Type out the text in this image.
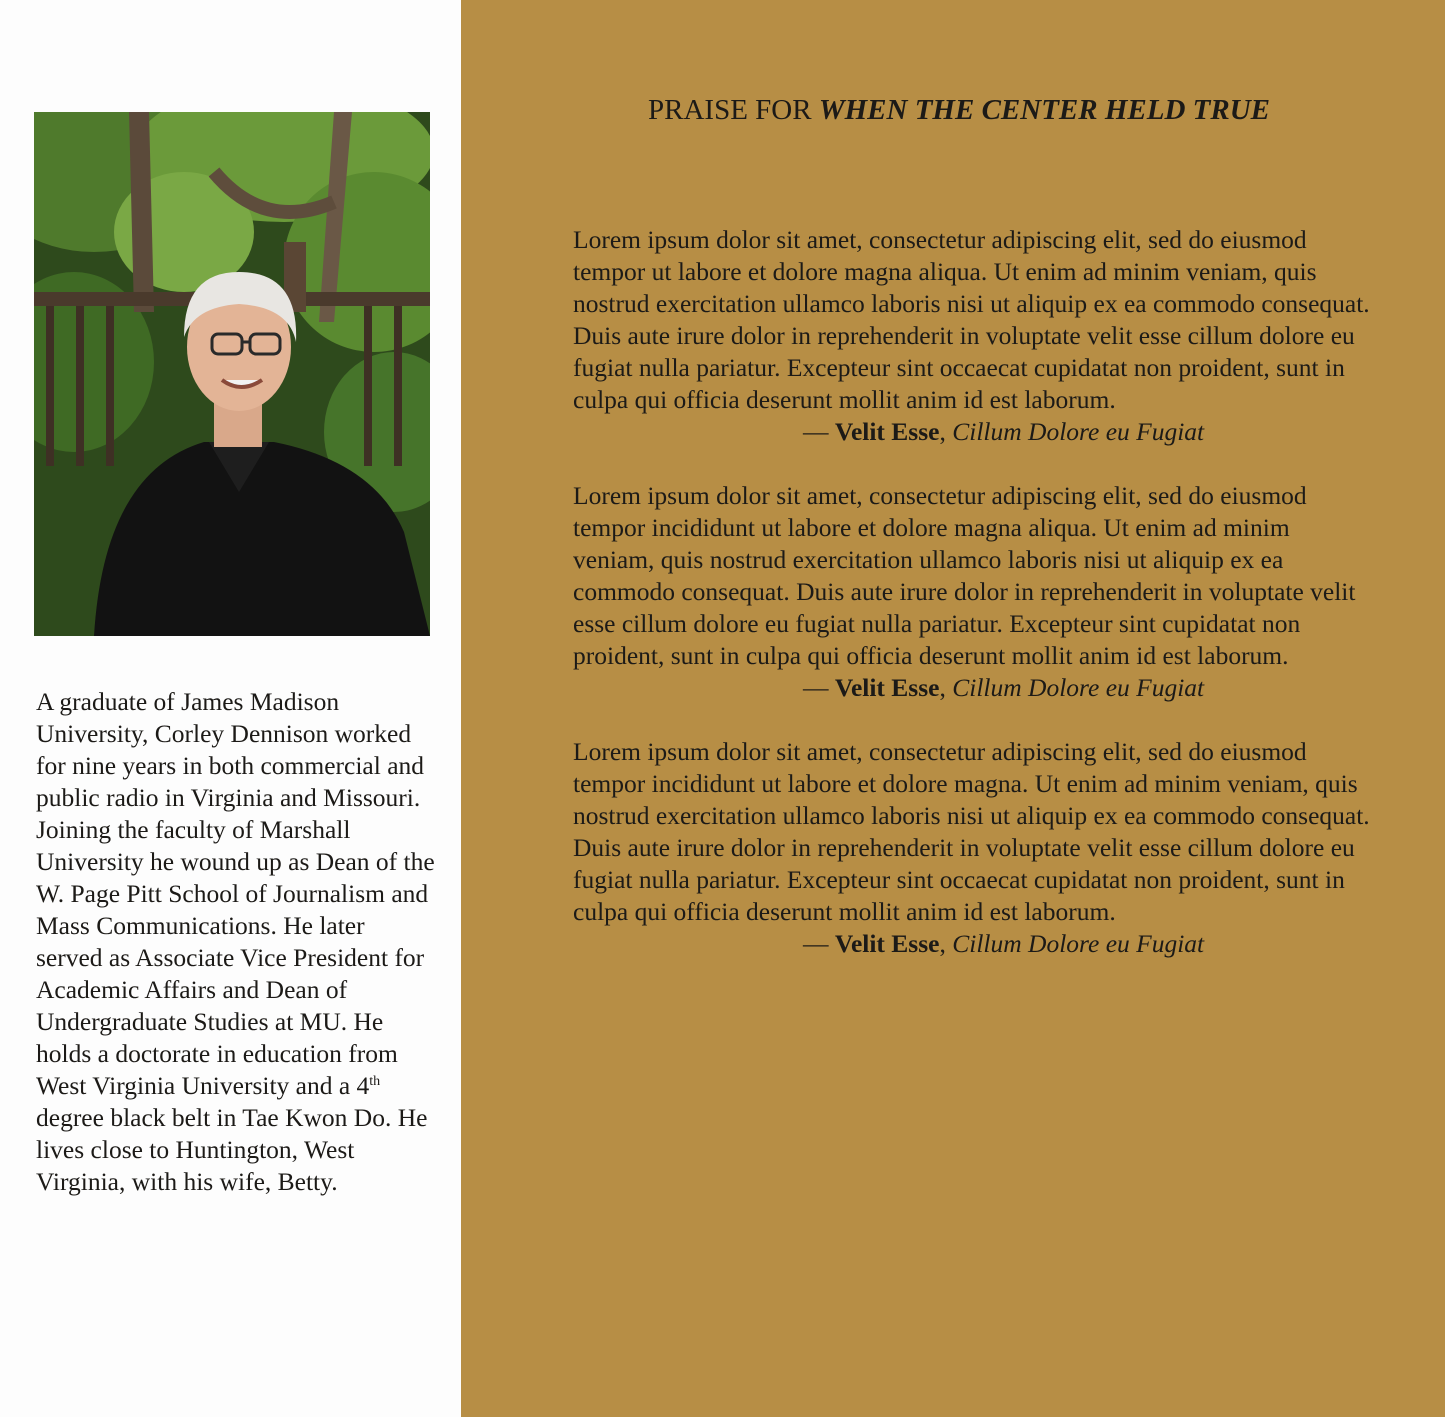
A graduate of James Madison University, Corley Dennison worked for nine years in both commercial and public radio in Virginia and Missouri. Joining the faculty of Marshall University he wound up as Dean of the W. Page Pitt School of Journalism and Mass Communications. He later served as Associate Vice President for Academic Affairs and Dean of Undergraduate Studies at MU. He holds a doctorate in education from West Virginia University and a 4th degree black belt in Tae Kwon Do. He lives close to Huntington, West Virginia, with his wife, Betty.

PRAISE FOR WHEN THE CENTER HELD TRUE

Lorem ipsum dolor sit amet, consectetur adipiscing elit, sed do eiusmod tempor ut labore et dolore magna aliqua. Ut enim ad minim veniam, quis nostrud exercitation ullamco laboris nisi ut aliquip ex ea commodo consequat. Duis aute irure dolor in reprehenderit in voluptate velit esse cillum dolore eu fugiat nulla pariatur. Excepteur sint occaecat cupidatat non proident, sunt in culpa qui officia deserunt mollit anim id est laborum.

— Velit Esse, Cillum Dolore eu Fugiat

Lorem ipsum dolor sit amet, consectetur adipiscing elit, sed do eiusmod tempor incididunt ut labore et dolore magna aliqua. Ut enim ad minim veniam, quis nostrud exercitation ullamco laboris nisi ut aliquip ex ea commodo consequat. Duis aute irure dolor in reprehenderit in voluptate velit esse cillum dolore eu fugiat nulla pariatur. Excepteur sint cupidatat non proident, sunt in culpa qui officia deserunt mollit anim id est laborum.

— Velit Esse, Cillum Dolore eu Fugiat

Lorem ipsum dolor sit amet, consectetur adipiscing elit, sed do eiusmod tempor incididunt ut labore et dolore magna. Ut enim ad minim veniam, quis nostrud exercitation ullamco laboris nisi ut aliquip ex ea commodo consequat. Duis aute irure dolor in reprehenderit in voluptate velit esse cillum dolore eu fugiat nulla pariatur. Excepteur sint occaecat cupidatat non proident, sunt in culpa qui officia deserunt mollit anim id est laborum.

— Velit Esse, Cillum Dolore eu Fugiat
